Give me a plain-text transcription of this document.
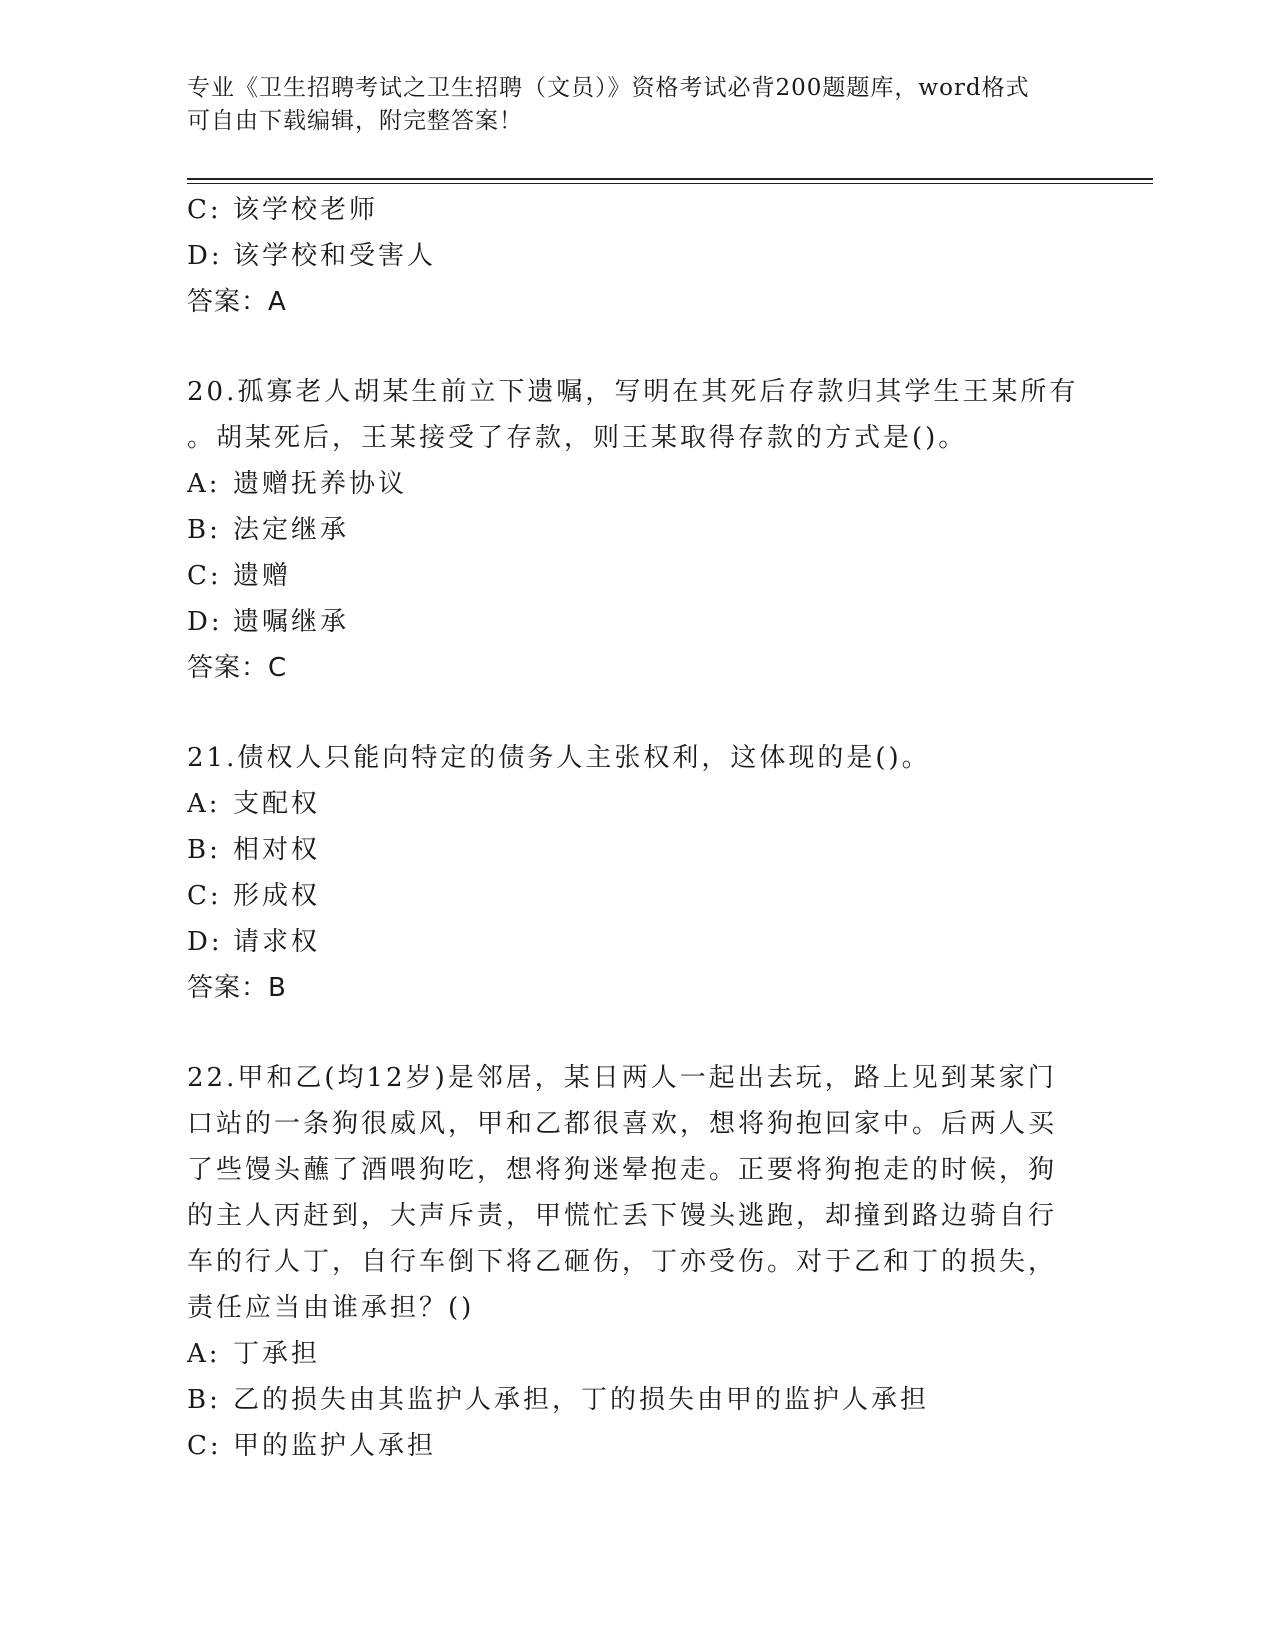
专业《卫生招聘考试之卫生招聘（文员）》资格考试必背200题题库，word格式
可自由下载编辑，附完整答案！
C: 该学校老师
D: 该学校和受害人
答案：A
20.孤寡老人胡某生前立下遗嘱，写明在其死后存款归其学生王某所有
。胡某死后，王某接受了存款，则王某取得存款的方式是()。
A: 遗赠抚养协议
B: 法定继承
C: 遗赠
D: 遗嘱继承
答案：C
21.债权人只能向特定的债务人主张权利，这体现的是()。
A: 支配权
B: 相对权
C: 形成权
D: 请求权
答案：B
22.甲和乙(均12岁)是邻居，某日两人一起出去玩，路上见到某家门
口站的一条狗很威风，甲和乙都很喜欢，想将狗抱回家中。后两人买
了些馒头蘸了酒喂狗吃，想将狗迷晕抱走。正要将狗抱走的时候，狗
的主人丙赶到，大声斥责，甲慌忙丢下馒头逃跑，却撞到路边骑自行
车的行人丁，自行车倒下将乙砸伤，丁亦受伤。对于乙和丁的损失，
责任应当由谁承担？()
A: 丁承担
B: 乙的损失由其监护人承担，丁的损失由甲的监护人承担
C: 甲的监护人承担
